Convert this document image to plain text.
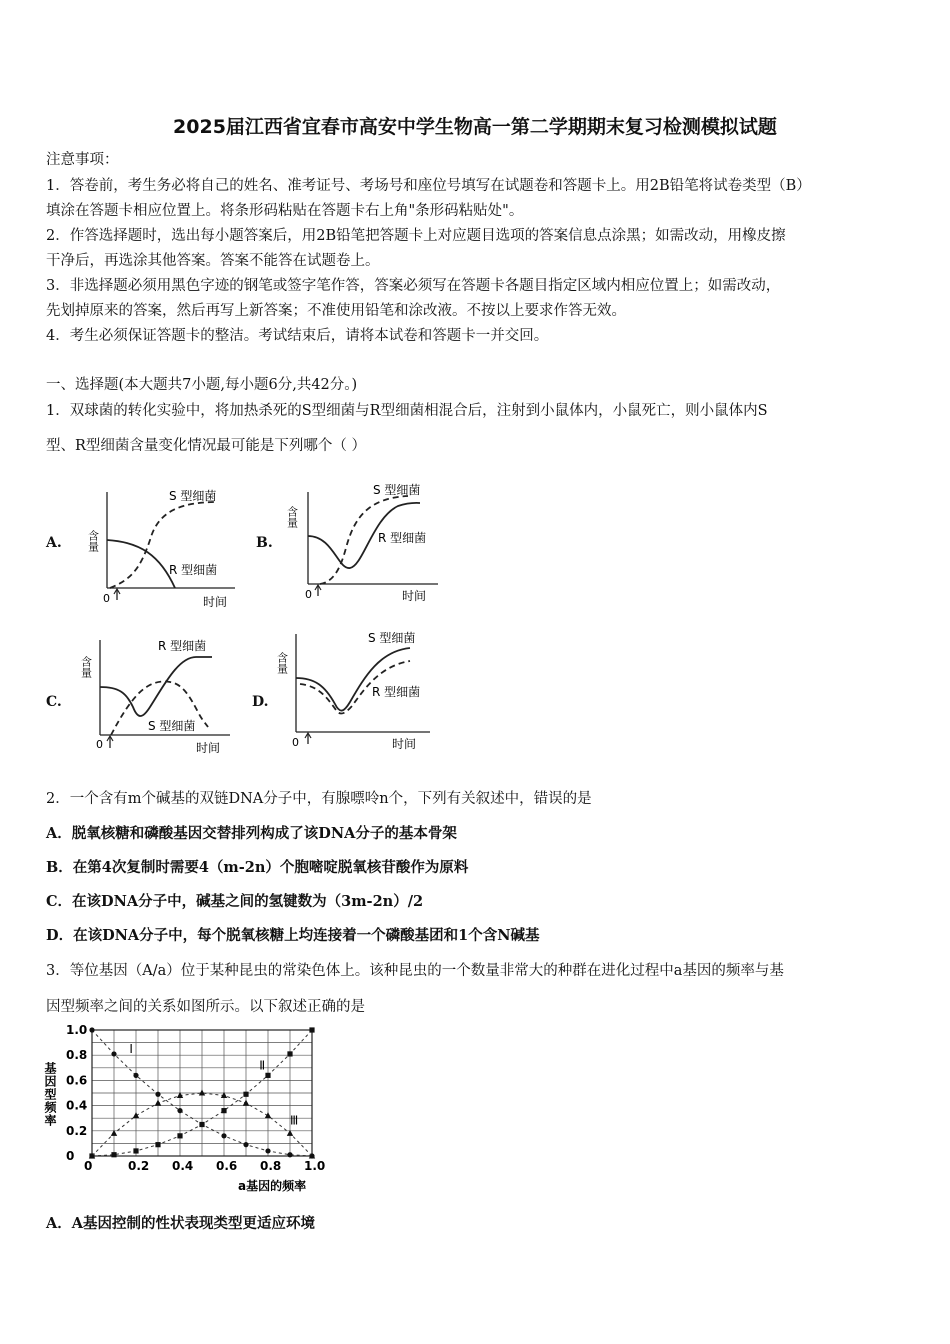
2025届江西省宜春市高安中学生物高一第二学期期末复习检测模拟试题
注意事项：
1．答卷前，考生务必将自己的姓名、准考证号、考场号和座位号填写在试题卷和答题卡上。用2B铅笔将试卷类型（B）
填涂在答题卡相应位置上。将条形码粘贴在答题卡右上角"条形码粘贴处"。
2．作答选择题时，选出每小题答案后，用2B铅笔把答题卡上对应题目选项的答案信息点涂黑；如需改动，用橡皮擦
干净后，再选涂其他答案。答案不能答在试题卷上。
3．非选择题必须用黑色字迹的钢笔或签字笔作答，答案必须写在答题卡各题目指定区域内相应位置上；如需改动，
先划掉原来的答案，然后再写上新答案；不准使用铅笔和涂改液。不按以上要求作答无效。
4．考生必须保证答题卡的整洁。考试结束后，请将本试卷和答题卡一并交回。
一、选择题(本大题共7小题,每小题6分,共42分。)
1．双球菌的转化实验中，将加热杀死的S型细菌与R型细菌相混合后，注射到小鼠体内，小鼠死亡，则小鼠体内S
型、R型细菌含量变化情况最可能是下列哪个（ ）
A.	B.
C.	D.
S 型细菌
R 型细菌
含量
0	时间
S 型细菌
R 型细菌
含量
0	时间
R 型细菌
S 型细菌
含量
0	时间
S 型细菌
R 型细菌
含量
0	时间
2．一个含有m个碱基的双链DNA分子中，有腺嘌呤n个，下列有关叙述中，错误的是
A．脱氧核糖和磷酸基因交替排列构成了该DNA分子的基本骨架
B．在第4次复制时需要4（m-2n）个胞嘧啶脱氧核苷酸作为原料
C．在该DNA分子中，碱基之间的氢键数为（3m-2n）/2
D．在该DNA分子中，每个脱氧核糖上均连接着一个磷酸基团和1个含N碱基
3．等位基因（A/a）位于某种昆虫的常染色体上。该种昆虫的一个数量非常大的种群在进化过程中a基因的频率与基
因型频率之间的关系如图所示。以下叙述正确的是
Ⅰ
Ⅱ
Ⅲ
0	0.2 0.4 0.6 0.8 1.0
0
0.2
0.4
0.6
0.8
1.0
a基因的频率
基因型频率
A．A基因控制的性状表现类型更适应环境
